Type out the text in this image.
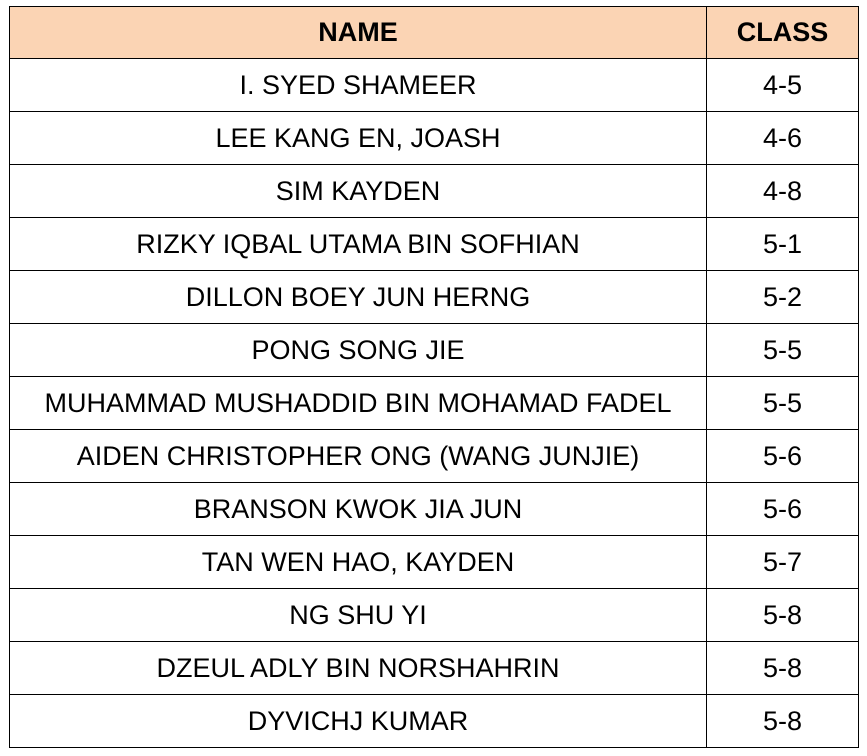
NAME	CLASS
I. SYED SHAMEER	4-5
LEE KANG EN, JOASH	4-6
SIM KAYDEN	4-8
RIZKY IQBAL UTAMA BIN SOFHIAN	5-1
DILLON BOEY JUN HERNG	5-2
PONG SONG JIE	5-5
MUHAMMAD MUSHADDID BIN MOHAMAD FADEL	5-5
AIDEN CHRISTOPHER ONG (WANG JUNJIE)	5-6
BRANSON KWOK JIA JUN	5-6
TAN WEN HAO, KAYDEN	5-7
NG SHU YI	5-8
DZEUL ADLY BIN NORSHAHRIN	5-8
DYVICHJ KUMAR	5-8
